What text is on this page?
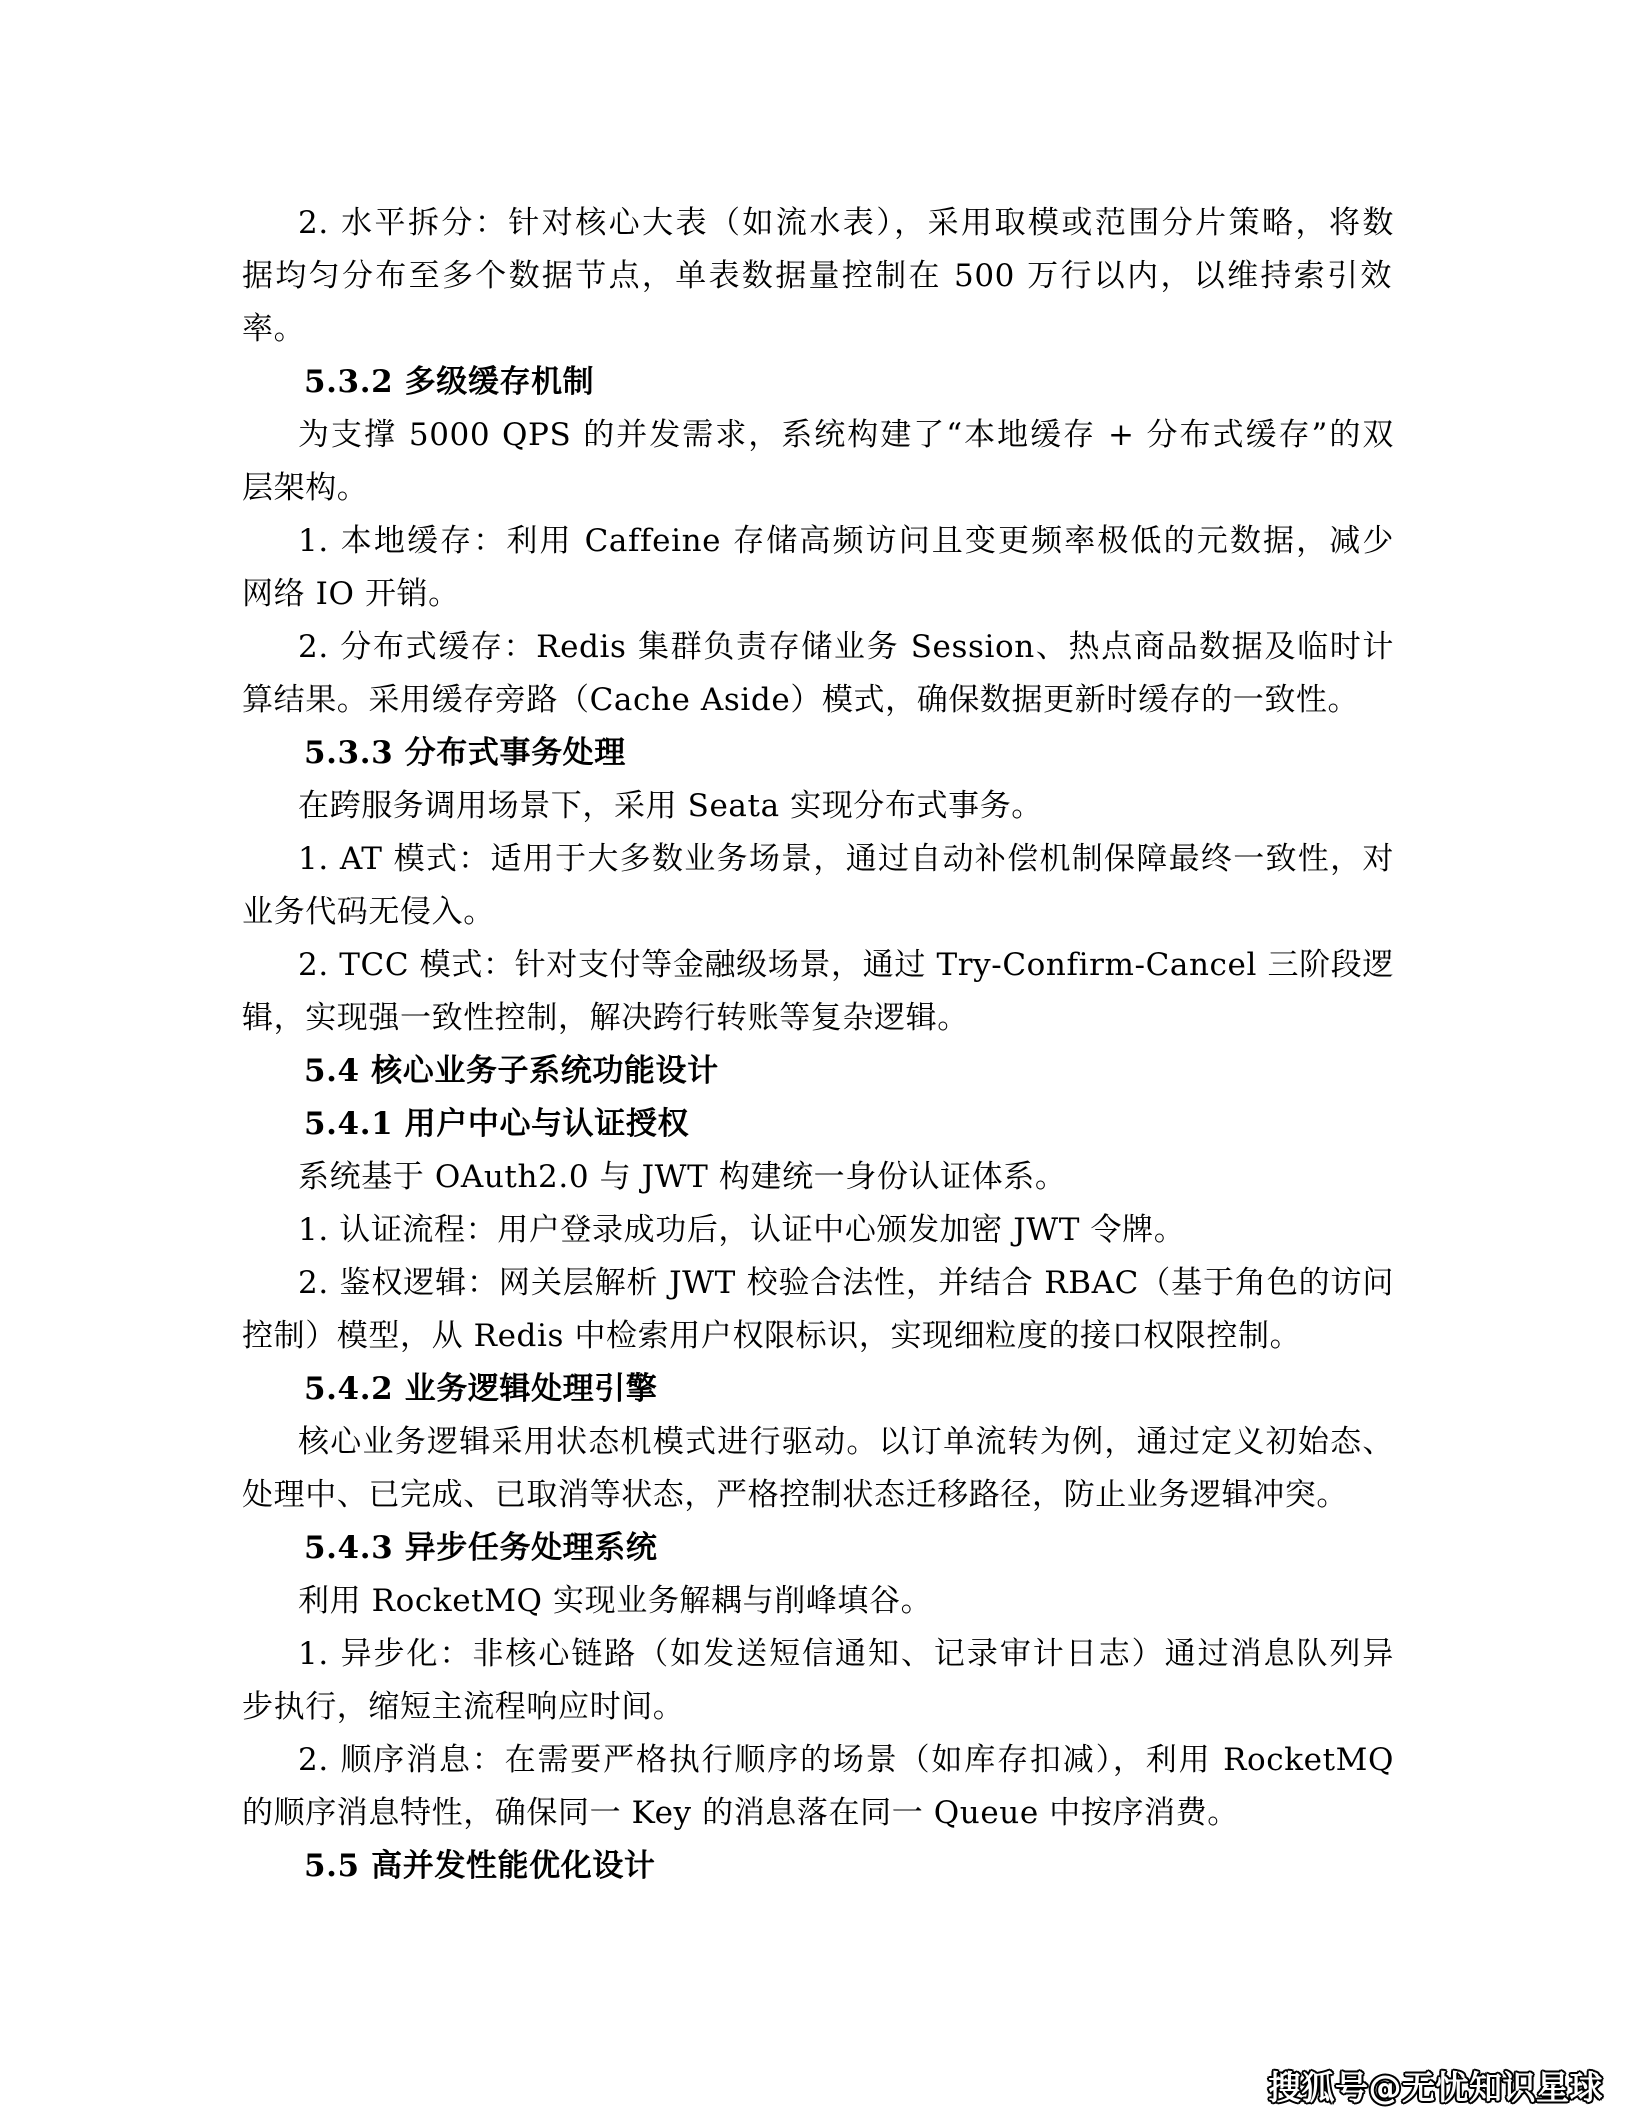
2. 水平拆分：针对核心大表（如流水表），采用取模或范围分片策略，将数
据均匀分布至多个数据节点，单表数据量控制在 500 万行以内，以维持索引效
率。
5.3.2 多级缓存机制
为支撑 5000 QPS 的并发需求，系统构建了“本地缓存 + 分布式缓存”的双
层架构。
1. 本地缓存：利用 Caffeine 存储高频访问且变更频率极低的元数据，减少
网络 IO 开销。
2. 分布式缓存：Redis 集群负责存储业务 Session、热点商品数据及临时计
算结果。采用缓存旁路（Cache Aside）模式，确保数据更新时缓存的一致性。
5.3.3 分布式事务处理
在跨服务调用场景下，采用 Seata 实现分布式事务。
1. AT 模式：适用于大多数业务场景，通过自动补偿机制保障最终一致性，对
业务代码无侵入。
2. TCC 模式：针对支付等金融级场景，通过 Try-Confirm-Cancel 三阶段逻
辑，实现强一致性控制，解决跨行转账等复杂逻辑。
5.4 核心业务子系统功能设计
5.4.1 用户中心与认证授权
系统基于 OAuth2.0 与 JWT 构建统一身份认证体系。
1. 认证流程：用户登录成功后，认证中心颁发加密 JWT 令牌。
2. 鉴权逻辑：网关层解析 JWT 校验合法性，并结合 RBAC（基于角色的访问
控制）模型，从 Redis 中检索用户权限标识，实现细粒度的接口权限控制。
5.4.2 业务逻辑处理引擎
核心业务逻辑采用状态机模式进行驱动。以订单流转为例，通过定义初始态、
处理中、已完成、已取消等状态，严格控制状态迁移路径，防止业务逻辑冲突。
5.4.3 异步任务处理系统
利用 RocketMQ 实现业务解耦与削峰填谷。
1. 异步化：非核心链路（如发送短信通知、记录审计日志）通过消息队列异
步执行，缩短主流程响应时间。
2. 顺序消息：在需要严格执行顺序的场景（如库存扣减），利用 RocketMQ
的顺序消息特性，确保同一 Key 的消息落在同一 Queue 中按序消费。
5.5 高并发性能优化设计
搜狐号@无忧知识星球
